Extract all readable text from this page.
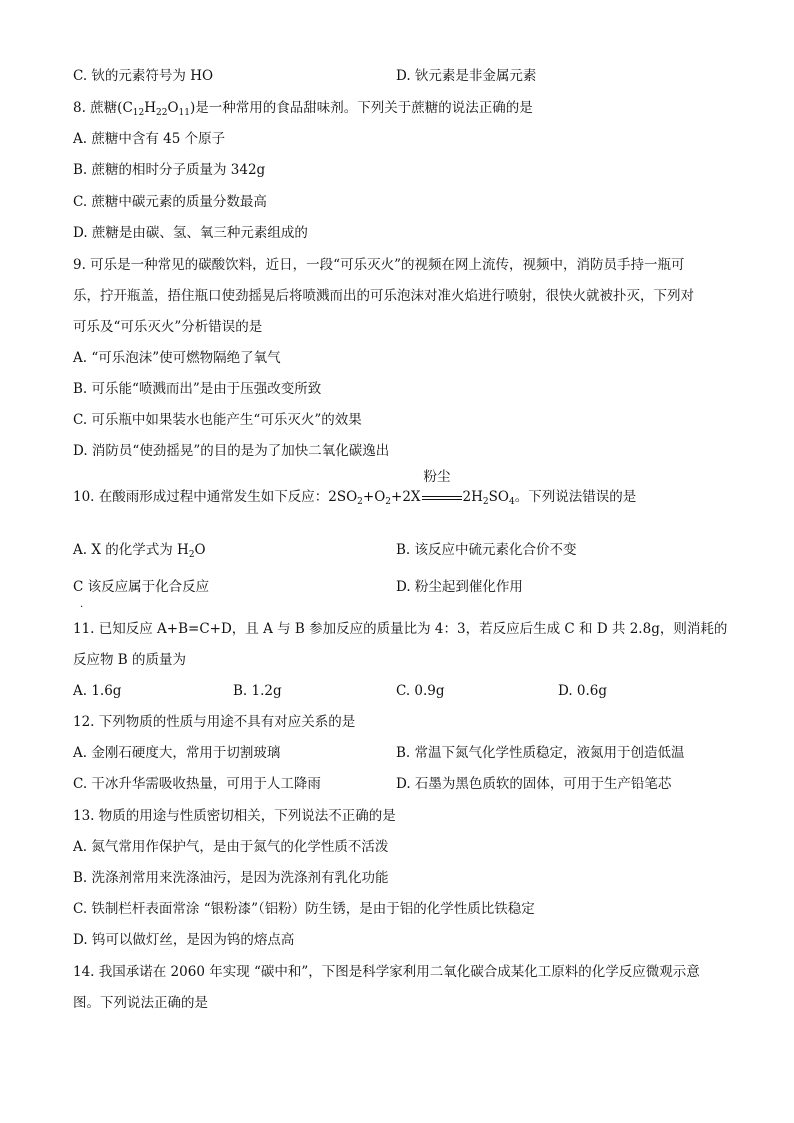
C. 钬的元素符号为 HO	D. 钬元素是非金属元素
8. 蔗糖$(C_{12}H_{22}O_{11})$是一种常用的食品甜味剂。下列关于蔗糖的说法正确的是
A. 蔗糖中含有 45 个原子
B. 蔗糖的相时分子质量为 342g
C. 蔗糖中碳元素的质量分数最高
D. 蔗糖是由碳、氢、氧三种元素组成的
9. 可乐是一种常见的碳酸饮料，近日，一段“可乐灭火”的视频在网上流传，视频中，消防员手持一瓶可
乐，拧开瓶盖，捂住瓶口使劲摇晃后将喷溅而出的可乐泡沫对准火焰进行喷射，很快火就被扑灭，下列对
可乐及“可乐灭火”分析错误的是
A. “可乐泡沫”使可燃物隔绝了氧气
B. 可乐能“喷溅而出”是由于压强改变所致
C. 可乐瓶中如果装水也能产生“可乐灭火”的效果
D. 消防员“使劲摇晃”的目的是为了加快二氧化碳逸出
10. 在酸雨形成过程中通常发生如下反应：$2SO_2+O_2+2X$
粉尘
$2H_2SO_4$。下列说法错误的是
A. X 的化学式为 $H_2O$	B. 该反应中硫元素化合价不变
C 该反应属于化合反应	D. 粉尘起到催化作用
·
11. 已知反应 A+B=C+D，且 A 与 B 参加反应的质量比为 4：3，若反应后生成 C 和 D 共 2.8g，则消耗的
反应物 B 的质量为
A. 1.6g	B. 1.2g	C. 0.9g	D. 0.6g
12. 下列物质的性质与用途不具有对应关系的是
A. 金刚石硬度大，常用于切割玻璃	B. 常温下氮气化学性质稳定，液氮用于创造低温
C. 干冰升华需吸收热量，可用于人工降雨	D. 石墨为黑色质软的固体，可用于生产铅笔芯
13. 物质的用途与性质密切相关，下列说法不正确的是
A. 氮气常用作保护气，是由于氮气的化学性质不活泼
B. 洗涤剂常用来洗涤油污，是因为洗涤剂有乳化功能
C. 铁制栏杆表面常涂 “银粉漆”（铝粉）防生锈，是由于铝的化学性质比铁稳定
D. 钨可以做灯丝，是因为钨的熔点高
14. 我国承诺在 2060 年实现 “碳中和”，下图是科学家利用二氧化碳合成某化工原料的化学反应微观示意
图。下列说法正确的是
